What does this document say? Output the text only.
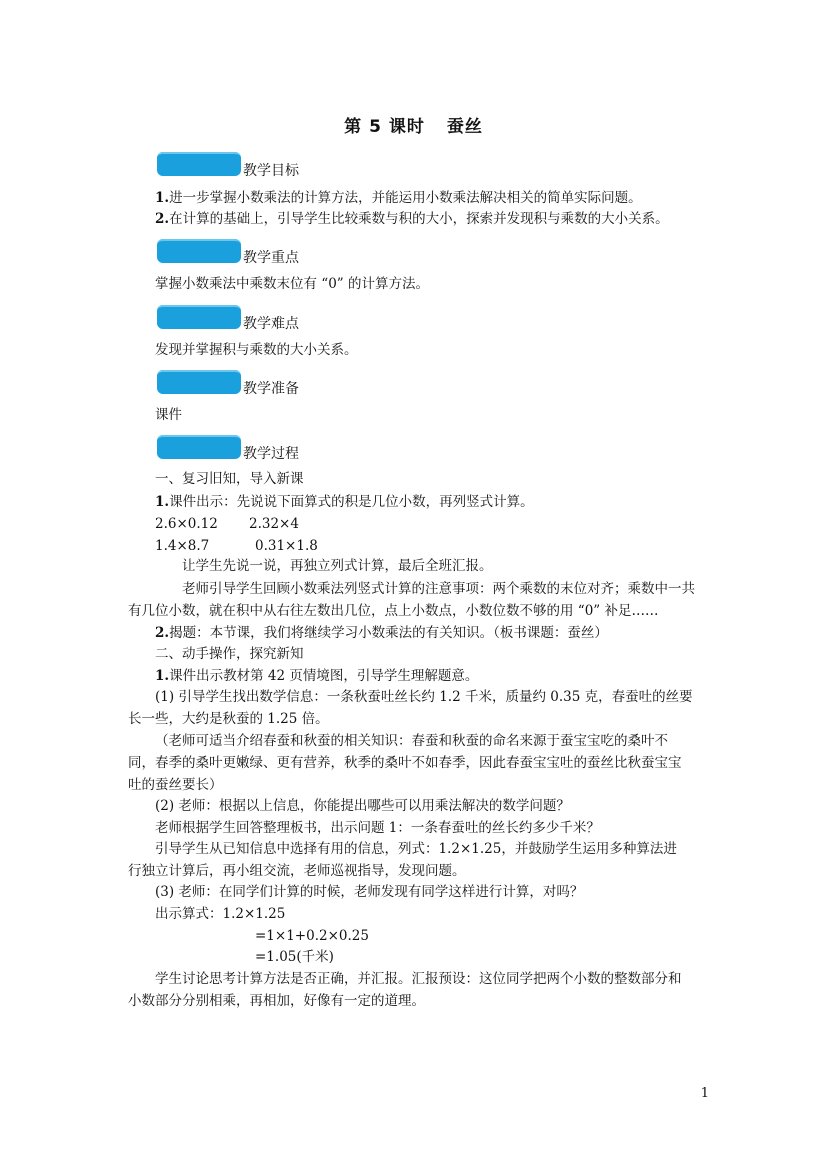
第 5 课时 蚕丝
教学目标
1.进一步掌握小数乘法的计算方法，并能运用小数乘法解决相关的简单实际问题。
2.在计算的基础上，引导学生比较乘数与积的大小，探索并发现积与乘数的大小关系。
教学重点
掌握小数乘法中乘数末位有 “0” 的计算方法。
教学难点
发现并掌握积与乘数的大小关系。
教学准备
课件
教学过程
一、复习旧知，导入新课
1.课件出示：先说说下面算式的积是几位小数，再列竖式计算。
2.6×0.12 2.32×4
1.4×8.7	0.31×1.8
让学生先说一说，再独立列式计算，最后全班汇报。
老师引导学生回顾小数乘法列竖式计算的注意事项：两个乘数的末位对齐；乘数中一共
有几位小数，就在积中从右往左数出几位，点上小数点，小数位数不够的用 “0” 补足……
2.揭题：本节课，我们将继续学习小数乘法的有关知识。（板书课题：蚕丝）
二、动手操作，探究新知
1.课件出示教材第 42 页情境图，引导学生理解题意。
(1) 引导学生找出数学信息：一条秋蚕吐丝长约 1.2 千米，质量约 0.35 克，春蚕吐的丝要
长一些，大约是秋蚕的 1.25 倍。
（老师可适当介绍春蚕和秋蚕的相关知识：春蚕和秋蚕的命名来源于蚕宝宝吃的桑叶不
同，春季的桑叶更嫩绿、更有营养，秋季的桑叶不如春季，因此春蚕宝宝吐的蚕丝比秋蚕宝宝
吐的蚕丝要长）
(2) 老师：根据以上信息，你能提出哪些可以用乘法解决的数学问题？
老师根据学生回答整理板书，出示问题 1：一条春蚕吐的丝长约多少千米？
引导学生从已知信息中选择有用的信息，列式：1.2×1.25，并鼓励学生运用多种算法进
行独立计算后，再小组交流，老师巡视指导，发现问题。
(3) 老师：在同学们计算的时候，老师发现有同学这样进行计算，对吗？
出示算式：1.2×1.25
=1×1+0.2×0.25
=1.05(千米)
学生讨论思考计算方法是否正确，并汇报。汇报预设：这位同学把两个小数的整数部分和
小数部分分别相乘，再相加，好像有一定的道理。
1
